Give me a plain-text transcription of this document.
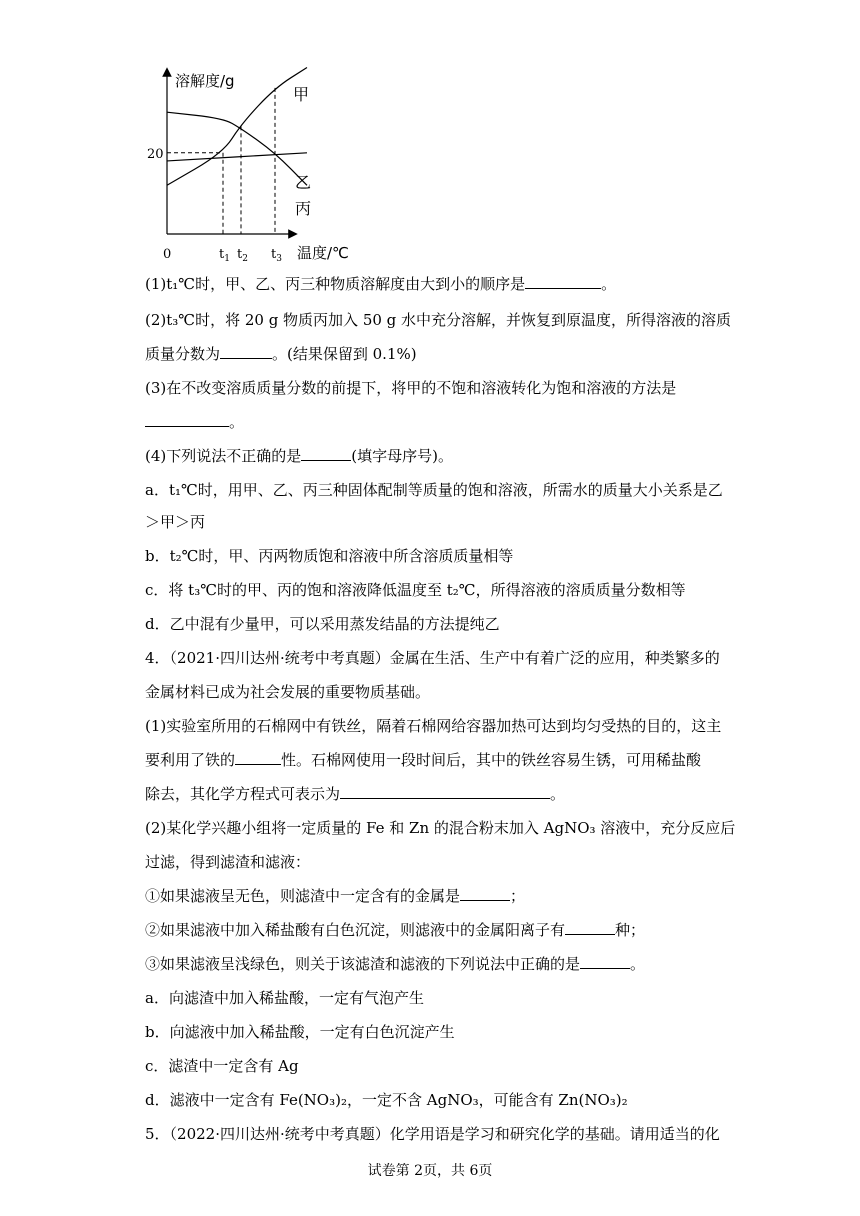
溶解度/g
温度/℃
0	$t_1$ $t_2$ $t_3$
20
甲
乙
丙
(1)t₁℃时，甲、乙、丙三种物质溶解度由大到小的顺序是	。
(2)t₃℃时，将 20 g 物质丙加入 50 g 水中充分溶解，并恢复到原温度，所得溶液的溶质
质量分数为	。(结果保留到 0.1%)
(3)在不改变溶质质量分数的前提下，将甲的不饱和溶液转化为饱和溶液的方法是
。
(4)下列说法不正确的是	(填字母序号)。
a．t₁℃时，用甲、乙、丙三种固体配制等质量的饱和溶液，所需水的质量大小关系是乙
＞甲＞丙
b．t₂℃时，甲、丙两物质饱和溶液中所含溶质质量相等
c．将 t₃℃时的甲、丙的饱和溶液降低温度至 t₂℃，所得溶液的溶质质量分数相等
d．乙中混有少量甲，可以采用蒸发结晶的方法提纯乙
4．（2021·四川达州·统考中考真题）金属在生活、生产中有着广泛的应用，种类繁多的
金属材料已成为社会发展的重要物质基础。
(1)实验室所用的石棉网中有铁丝，隔着石棉网给容器加热可达到均匀受热的目的，这主
要利用了铁的	性。石棉网使用一段时间后，其中的铁丝容易生锈，可用稀盐酸
除去，其化学方程式可表示为	。
(2)某化学兴趣小组将一定质量的 Fe 和 Zn 的混合粉末加入 AgNO₃ 溶液中，充分反应后
过滤，得到滤渣和滤液：
①如果滤液呈无色，则滤渣中一定含有的金属是	；
②如果滤液中加入稀盐酸有白色沉淀，则滤液中的金属阳离子有	种；
③如果滤液呈浅绿色，则关于该滤渣和滤液的下列说法中正确的是	。
a．向滤渣中加入稀盐酸，一定有气泡产生
b．向滤液中加入稀盐酸，一定有白色沉淀产生
c．滤渣中一定含有 Ag
d．滤液中一定含有 Fe(NO₃)₂，一定不含 AgNO₃，可能含有 Zn(NO₃)₂
5．（2022·四川达州·统考中考真题）化学用语是学习和研究化学的基础。请用适当的化
试卷第 2页，共 6页
